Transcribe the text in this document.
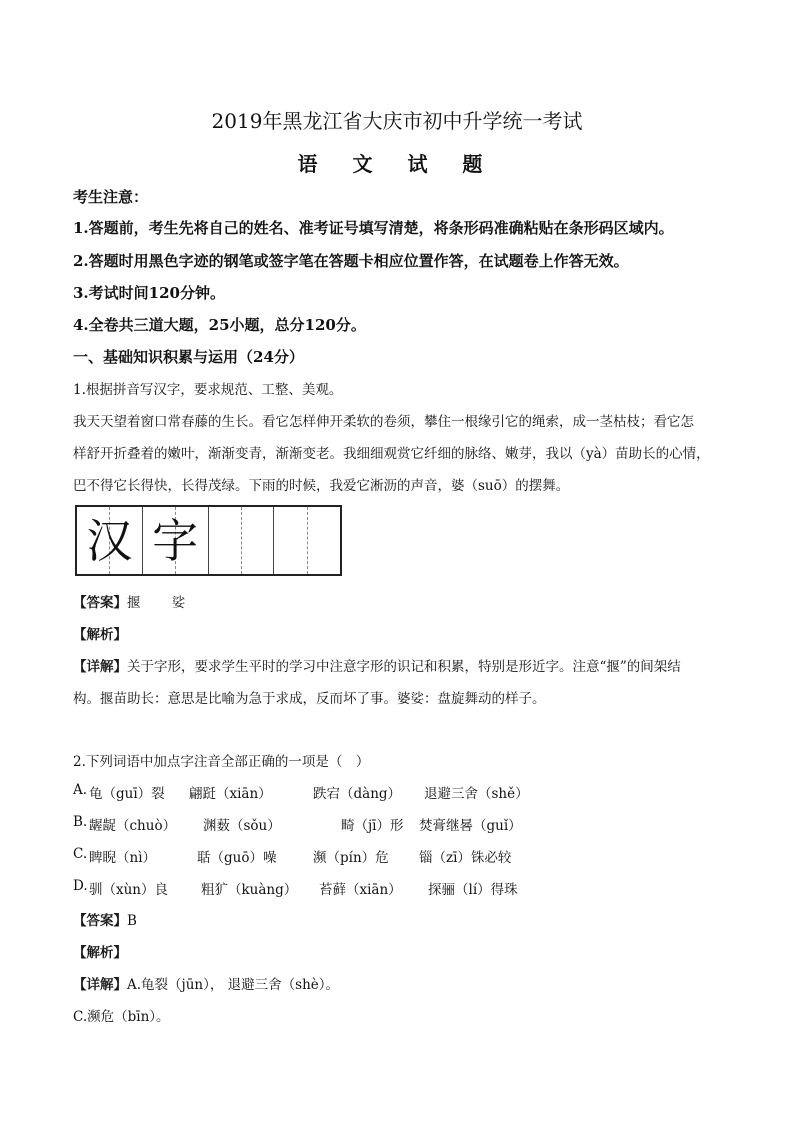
2019年黑龙江省大庆市初中升学统一考试
语 文 试 题
考生注意：
1.答题前，考生先将自己的姓名、准考证号填写清楚，将条形码准确粘贴在条形码区域内。
2.答题时用黑色字迹的钢笔或签字笔在答题卡相应位置作答，在试题卷上作答无效。
3.考试时间120分钟。
4.全卷共三道大题，25小题，总分120分。
一、基础知识积累与运用（24分）
1.根据拼音写汉字，要求规范、工整、美观。
我天天望着窗口常春藤的生长。看它怎样伸开柔软的卷须，攀住一根缘引它的绳索，成一茎枯枝；看它怎
样舒开折叠着的嫩叶，渐渐变青，渐渐变老。我细细观赏它纤细的脉络、嫩芽，我以（yà）苗助长的心情，
巴不得它长得快，长得茂绿。下雨的时候，我爱它淅沥的声音，婆（suō）的摆舞。
汉 字
【答案】揠　　 娑
【解析】
【详解】关于字形，要求学生平时的学习中注意字形的识记和积累，特别是形近字。注意“揠”的间架结
构。揠苗助长：意思是比喻为急于求成，反而坏了事。婆娑：盘旋舞动的样子。
2.下列词语中加点字注音全部正确的一项是（　）
A. 龟（guī）裂 翩跹（xiān）	跌宕（dàng） 退避三舍（shě）
B. 龌龊（chuò） 渊薮（sǒu）	畸（jī）形 焚膏继晷（guǐ）
C. 睥睨（nì）	聒（guō）噪	濒（pín）危 锱（zī）铢必较
D. 驯（xùn）良 粗犷（kuàng） 苔藓（xiān） 探骊（lí）得珠
【答案】B
【解析】
【详解】A.龟裂（jūn）， 退避三舍（shè）。
C.濒危（bīn）。
